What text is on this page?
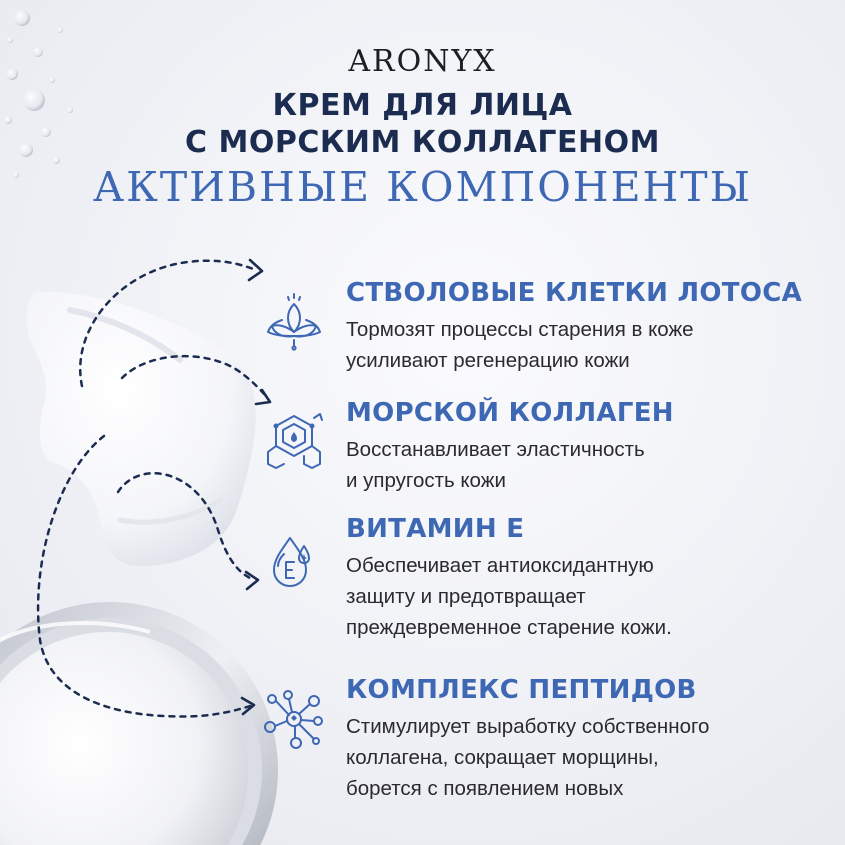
ARONYX
КРЕМ ДЛЯ ЛИЦА
С МОРСКИМ КОЛЛАГЕНОМ
АКТИВНЫЕ КОМПОНЕНТЫ
СТВОЛОВЫЕ КЛЕТКИ ЛОТОСА
Тормозят процессы старения в коже
усиливают регенерацию кожи
МОРСКОЙ КОЛЛАГЕН
Восстанавливает эластичность
и упругость кожи
ВИТАМИН Е
Обеспечивает антиоксидантную
защиту и предотвращает
преждевременное старение кожи.
КОМПЛЕКС ПЕПТИДОВ
Стимулирует выработку собственного
коллагена, сокращает морщины,
борется с появлением новых
